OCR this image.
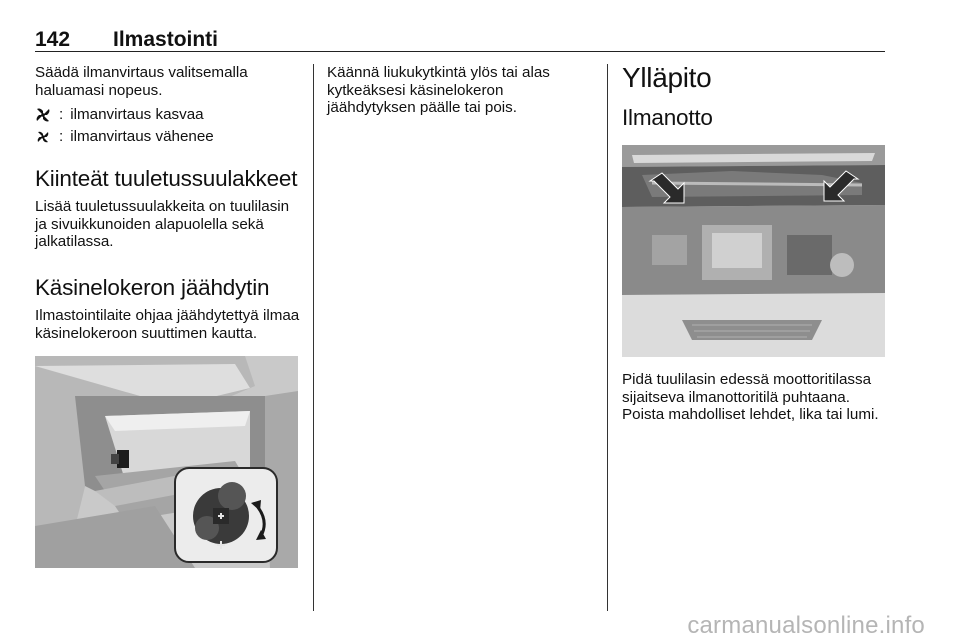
142 Ilmastointi

Säädä ilmanvirtaus valitsemalla haluamasi nopeus.

: ilmanvirtaus kasvaa
: ilmanvirtaus vähenee
Kiinteät tuuletussuulakkeet

Lisää tuuletussuulakkeita on tuulilasin ja sivuikkunoiden alapuolella sekä jalkatilassa.

Käsinelokeron jäähdytin

Ilmastointilaite ohjaa jäähdytettyä ilmaa käsinelokeroon suuttimen kautta.

Käännä liukukytkintä ylös tai alas kytkeäksesi käsinelokeron jäähdytyksen päälle tai pois.

Ylläpito
Ilmanotto

Pidä tuulilasin edessä moottoritilassa sijaitseva ilmanottoritilä puhtaana. Poista mahdolliset lehdet, lika tai lumi.

carmanualsonline.info
